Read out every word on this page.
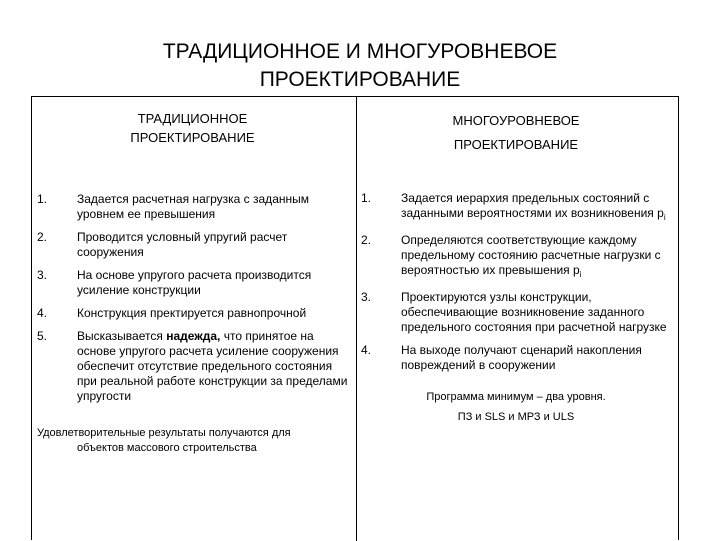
ТРАДИЦИОННОЕ И МНОГУРОВНЕВОЕ
ПРОЕКТИРОВАНИЕ
ТРАДИЦИОННОЕ
ПРОЕКТИРОВАНИЕ
1.	Задается расчетная нагрузка с заданным уровнем ее превышения
2.	Проводится условный упругий расчет сооружения
3.	На основе упругого расчета производится усиление конструкции
4.	Конструкция пректируется равнопрочной
5.	Высказывается надежда, что принятое на основе упругого расчета усиление сооружения обеспечит отсутствие предельного состояния при реальной работе конструкции за пределами упругости
Удовлетворительные результаты получаются для
объектов массового строительства
МНОГОУРОВНЕВОЕ
ПРОЕКТИРОВАНИЕ
1.	Задается иерархия предельных состояний с заданными вероятностями их возникновения $p_i$
2.	Определяются соответствующие каждому предельному состоянию расчетные нагрузки с вероятностью их превышения $p_i$
3.	Проектируются узлы конструкции, обеспечивающие возникновение заданного предельного состояния при расчетной нагрузке
4.	На выходе получают сценарий накопления повреждений в сооружении
Программа минимум – два уровня.
ПЗ и SLS и МРЗ и ULS
